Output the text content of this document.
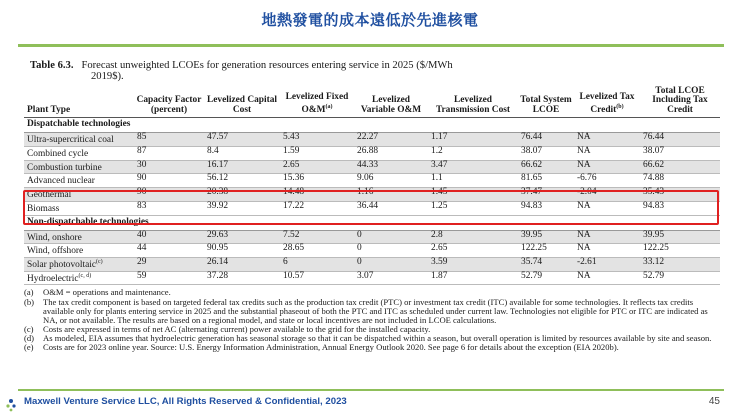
地熱發電的成本遠低於先進核電
Table 6.3. Forecast unweighted LCOEs for generation resources entering service in 2025 ($/MWh
2019$).
Plant Type	Capacity Factor (percent)	Levelized Capital Cost	Levelized Fixed $O\&M^{(a)}$	Levelized Variable O&M	Levelized Transmission Cost	Total System LCOE	Levelized Tax Credit$^{(b)}$	Total LCOE Including Tax Credit
Dispatchable technologies								
Ultra-supercritical coal	85	47.57	5.43	22.27	1.17	76.44	NA	76.44
Combined cycle	87	8.4	1.59	26.88	1.2	38.07	NA	38.07
Combustion turbine	30	16.17	2.65	44.33	3.47	66.62	NA	66.62
Advanced nuclear	90	56.12	15.36	9.06	1.1	81.65	-6.76	74.88
Geothermal	90	20.38	14.48	1.16	1.45	37.47	-2.04	35.43
Biomass	83	39.92	17.22	36.44	1.25	94.83	NA	94.83
Non-dispatchable technologies								
Wind, onshore	40	29.63	7.52	0	2.8	39.95	NA	39.95
Wind, offshore	44	90.95	28.65	0	2.65	122.25	NA	122.25
Solar photovoltaic$^{(c)}$	29	26.14	6	0	3.59	35.74	-2.61	33.12
Hydroelectric$^{(c, d)}$	59	37.28	10.57	3.07	1.87	52.79	NA	52.79
(a)	O&M = operations and maintenance.
(b)	The tax credit component is based on targeted federal tax credits such as the production tax credit (PTC) or investment tax credit (ITC) available for some technologies. It reflects tax credits available only for plants entering service in 2025 and the substantial phaseout of both the PTC and ITC as scheduled under current law. Technologies not eligible for PTC or ITC are indicated as NA, or not available. The results are based on a regional model, and state or local incentives are not included in LCOE calculations.
(c)	Costs are expressed in terms of net AC (alternating current) power available to the grid for the installed capacity.
(d)	As modeled, EIA assumes that hydroelectric generation has seasonal storage so that it can be dispatched within a season, but overall operation is limited by resources available by site and season.
(e)	Costs are for 2023 online year. Source: U.S. Energy Information Administration, Annual Energy Outlook 2020. See page 6 for details about the exception (EIA 2020b).
Maxwell Venture Service LLC, All Rights Reserved & Confidential, 2023	45
